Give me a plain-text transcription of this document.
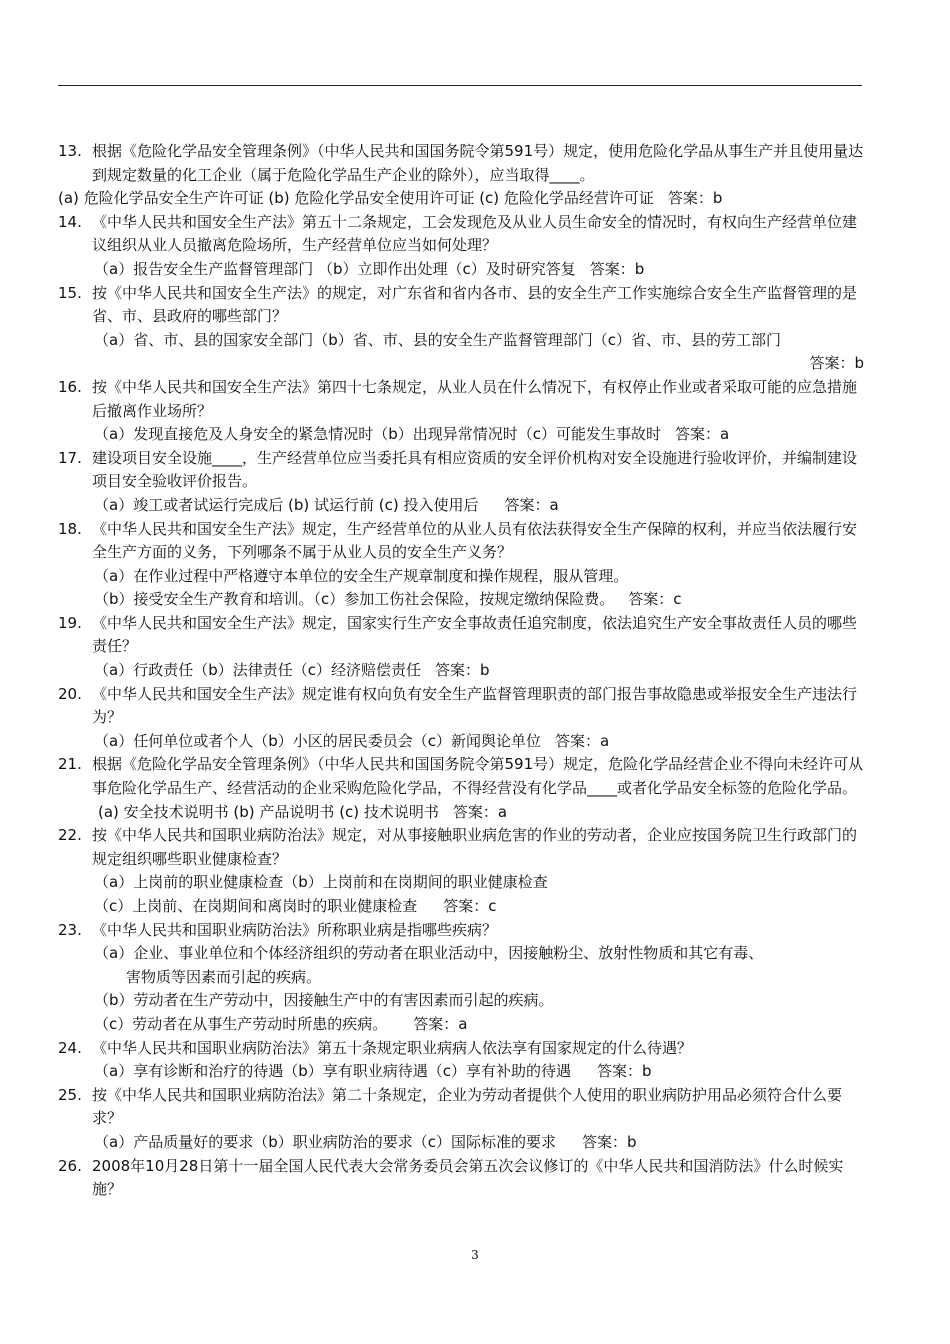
13. 根据《危险化学品安全管理条例》（中华人民共和国国务院令第591号）规定，使用危险化学品从事生产并且使用量达到规定数量的化工企业（属于危险化学品生产企业的除外），应当取得____。
(a) 危险化学品安全生产许可证 (b) 危险化学品安全使用许可证 (c) 危险化学品经营许可证 答案：b
14. 《中华人民共和国安全生产法》第五十二条规定，工会发现危及从业人员生命安全的情况时，有权向生产经营单位建议组织从业人员撤离危险场所，生产经营单位应当如何处理？
（a）报告安全生产监督管理部门 （b）立即作出处理（c）及时研究答复 答案：b
15. 按《中华人民共和国安全生产法》的规定，对广东省和省内各市、县的安全生产工作实施综合安全生产监督管理的是省、市、县政府的哪些部门？
（a）省、市、县的国家安全部门（b）省、市、县的安全生产监督管理部门（c）省、市、县的劳工部门
答案：b
16. 按《中华人民共和国安全生产法》第四十七条规定，从业人员在什么情况下，有权停止作业或者采取可能的应急措施后撤离作业场所？
（a）发现直接危及人身安全的紧急情况时（b）出现异常情况时（c）可能发生事故时 答案：a
17. 建设项目安全设施____，生产经营单位应当委托具有相应资质的安全评价机构对安全设施进行验收评价，并编制建设项目安全验收评价报告。
（a）竣工或者试运行完成后 (b) 试运行前 (c) 投入使用后 答案：a
18. 《中华人民共和国安全生产法》规定，生产经营单位的从业人员有依法获得安全生产保障的权利，并应当依法履行安全生产方面的义务，下列哪条不属于从业人员的安全生产义务？
（a）在作业过程中严格遵守本单位的安全生产规章制度和操作规程，服从管理。
（b）接受安全生产教育和培训。（c）参加工伤社会保险，按规定缴纳保险费。 答案：c
19. 《中华人民共和国安全生产法》规定，国家实行生产安全事故责任追究制度，依法追究生产安全事故责任人员的哪些责任？
（a）行政责任（b）法律责任（c）经济赔偿责任 答案：b
20. 《中华人民共和国安全生产法》规定谁有权向负有安全生产监督管理职责的部门报告事故隐患或举报安全生产违法行为？
（a）任何单位或者个人（b）小区的居民委员会（c）新闻舆论单位 答案：a
21. 根据《危险化学品安全管理条例》（中华人民共和国国务院令第591号）规定，危险化学品经营企业不得向未经许可从事危险化学品生产、经营活动的企业采购危险化学品，不得经营没有化学品____或者化学品安全标签的危险化学品。
(a) 安全技术说明书 (b) 产品说明书 (c) 技术说明书 答案：a
22. 按《中华人民共和国职业病防治法》规定，对从事接触职业病危害的作业的劳动者，企业应按国务院卫生行政部门的规定组织哪些职业健康检查？
（a）上岗前的职业健康检查（b）上岗前和在岗期间的职业健康检查
（c）上岗前、在岗期间和离岗时的职业健康检查 答案：c
23. 《中华人民共和国职业病防治法》所称职业病是指哪些疾病？
（a）企业、事业单位和个体经济组织的劳动者在职业活动中，因接触粉尘、放射性物质和其它有毒、
害物质等因素而引起的疾病。
（b）劳动者在生产劳动中，因接触生产中的有害因素而引起的疾病。
（c）劳动者在从事生产劳动时所患的疾病。 答案：a
24. 《中华人民共和国职业病防治法》第五十条规定职业病病人依法享有国家规定的什么待遇？
（a）享有诊断和治疗的待遇（b）享有职业病待遇（c）享有补助的待遇 答案：b
25. 按《中华人民共和国职业病防治法》第二十条规定，企业为劳动者提供个人使用的职业病防护用品必须符合什么要求？
（a）产品质量好的要求（b）职业病防治的要求（c）国际标准的要求 答案：b
26. 2008年10月28日第十一届全国人民代表大会常务委员会第五次会议修订的《中华人民共和国消防法》什么时候实施？
3
